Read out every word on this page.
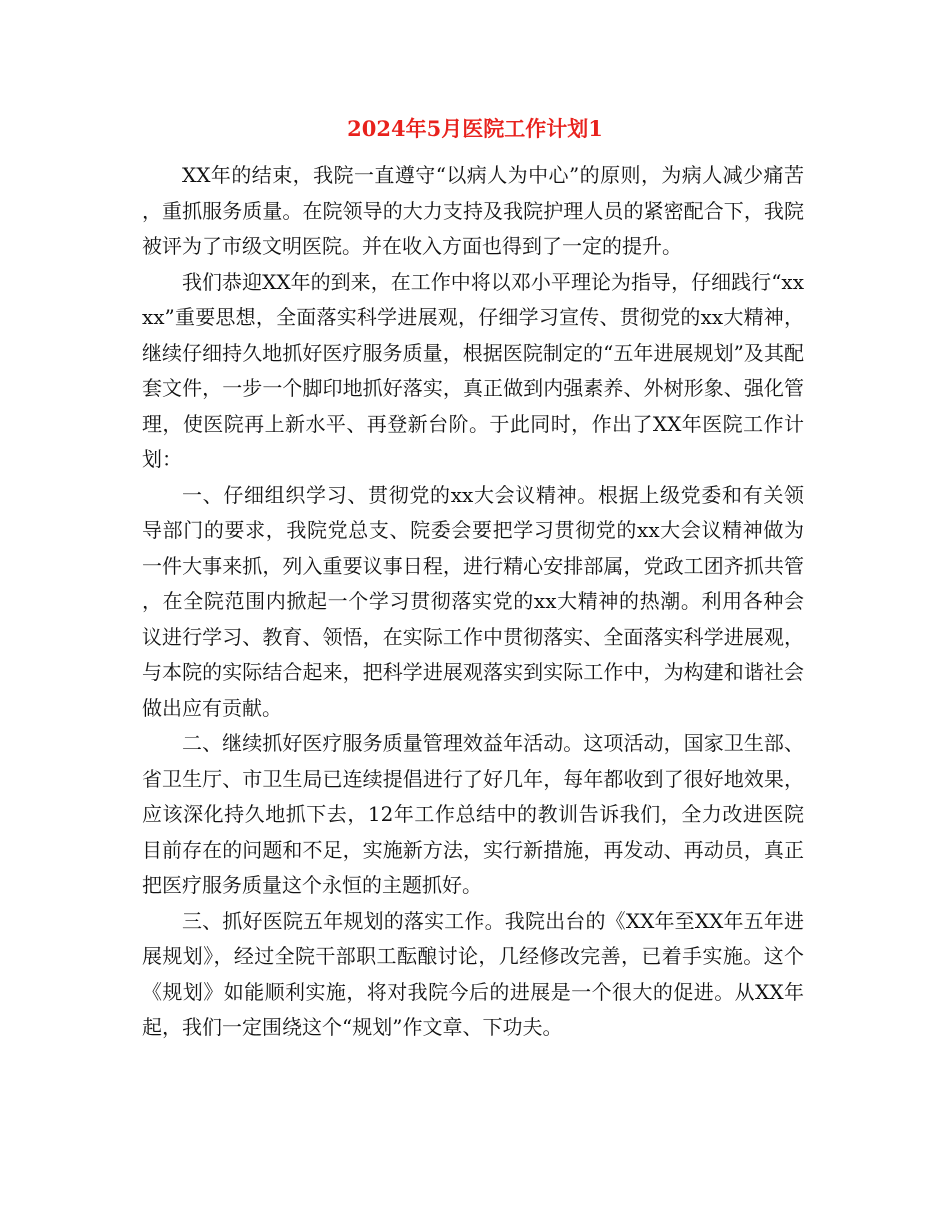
2024年5月医院工作计划1

XX年的结束，我院一直遵守“以病人为中心”的原则，为病人减少痛苦，重抓服务质量。在院领导的大力支持及我院护理人员的紧密配合下，我院被评为了市级文明医院。并在收入方面也得到了一定的提升。

我们恭迎XX年的到来，在工作中将以邓小平理论为指导，仔细践行“xxxx”重要思想，全面落实科学进展观，仔细学习宣传、贯彻党的xx大精神，继续仔细持久地抓好医疗服务质量，根据医院制定的“五年进展规划”及其配套文件，一步一个脚印地抓好落实，真正做到内强素养、外树形象、强化管理，使医院再上新水平、再登新台阶。于此同时，作出了XX年医院工作计划：

一、仔细组织学习、贯彻党的xx大会议精神。根据上级党委和有关领导部门的要求，我院党总支、院委会要把学习贯彻党的xx大会议精神做为一件大事来抓，列入重要议事日程，进行精心安排部属，党政工团齐抓共管，在全院范围内掀起一个学习贯彻落实党的xx大精神的热潮。利用各种会议进行学习、教育、领悟，在实际工作中贯彻落实、全面落实科学进展观，与本院的实际结合起来，把科学进展观落实到实际工作中，为构建和谐社会做出应有贡献。

二、继续抓好医疗服务质量管理效益年活动。这项活动，国家卫生部、省卫生厅、市卫生局已连续提倡进行了好几年，每年都收到了很好地效果，应该深化持久地抓下去，12年工作总结中的教训告诉我们，全力改进医院目前存在的问题和不足，实施新方法，实行新措施，再发动、再动员，真正把医疗服务质量这个永恒的主题抓好。

三、抓好医院五年规划的落实工作。我院出台的《XX年至XX年五年进展规划》，经过全院干部职工酝酿讨论，几经修改完善，已着手实施。这个《规划》如能顺利实施，将对我院今后的进展是一个很大的促进。从XX年起，我们一定围绕这个“规划”作文章、下功夫。
